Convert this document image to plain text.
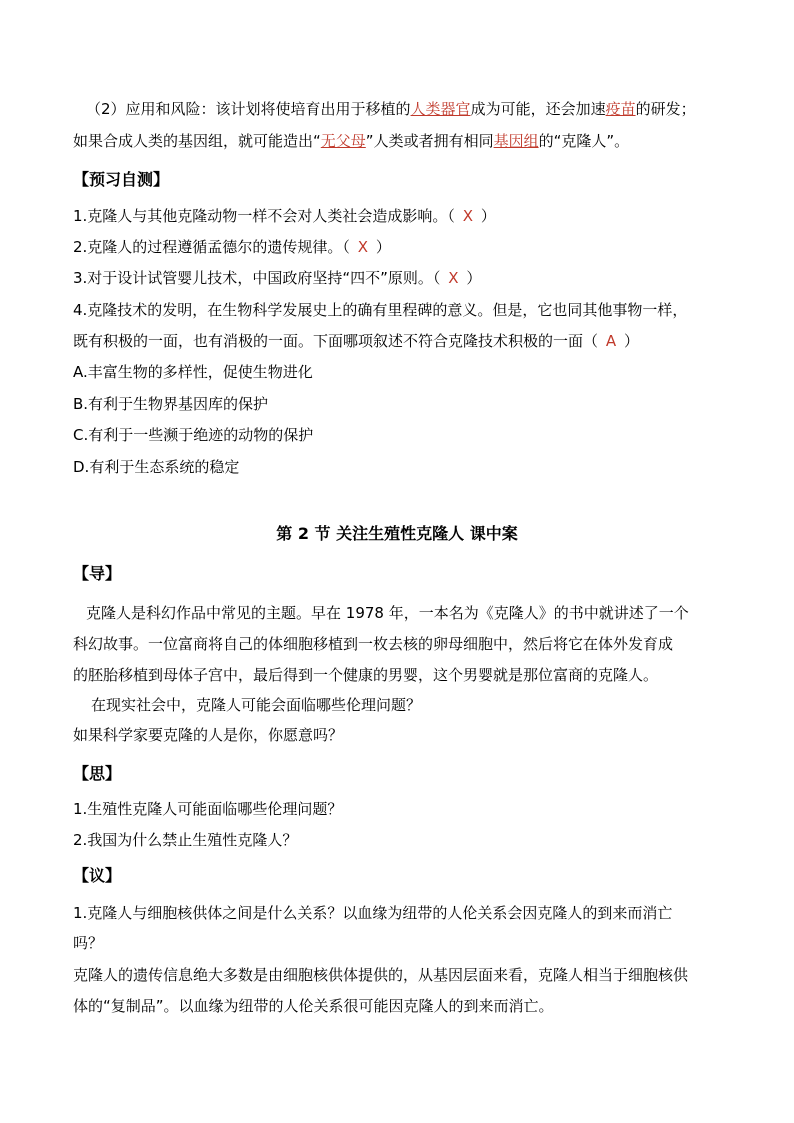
（2）应用和风险：该计划将使培育出用于移植的人类器官成为可能，还会加速疫苗的研发；
如果合成人类的基因组，就可能造出“无父母”人类或者拥有相同基因组的“克隆人”。
【预习自测】
1.克隆人与其他克隆动物一样不会对人类社会造成影响。（ X ）
2.克隆人的过程遵循孟德尔的遗传规律。（ X ）
3.对于设计试管婴儿技术，中国政府坚持“四不”原则。（ X ）
4.克隆技术的发明，在生物科学发展史上的确有里程碑的意义。但是，它也同其他事物一样，
既有积极的一面，也有消极的一面。下面哪项叙述不符合克隆技术积极的一面（ A ）
A.丰富生物的多样性，促使生物进化
B.有利于生物界基因库的保护
C.有利于一些濒于绝迹的动物的保护
D.有利于生态系统的稳定
第 2 节 关注生殖性克隆人 课中案
【导】
克隆人是科幻作品中常见的主题。早在 1978 年，一本名为《克隆人》的书中就讲述了一个
科幻故事。一位富商将自己的体细胞移植到一枚去核的卵母细胞中，然后将它在体外发育成
的胚胎移植到母体子宫中，最后得到一个健康的男婴，这个男婴就是那位富商的克隆人。
在现实社会中，克隆人可能会面临哪些伦理问题？
如果科学家要克隆的人是你，你愿意吗？
【思】
1.生殖性克隆人可能面临哪些伦理问题？
2.我国为什么禁止生殖性克隆人？
【议】
1.克隆人与细胞核供体之间是什么关系？以血缘为纽带的人伦关系会因克隆人的到来而消亡
吗？
克隆人的遗传信息绝大多数是由细胞核供体提供的，从基因层面来看，克隆人相当于细胞核供
体的“复制品”。以血缘为纽带的人伦关系很可能因克隆人的到来而消亡。
